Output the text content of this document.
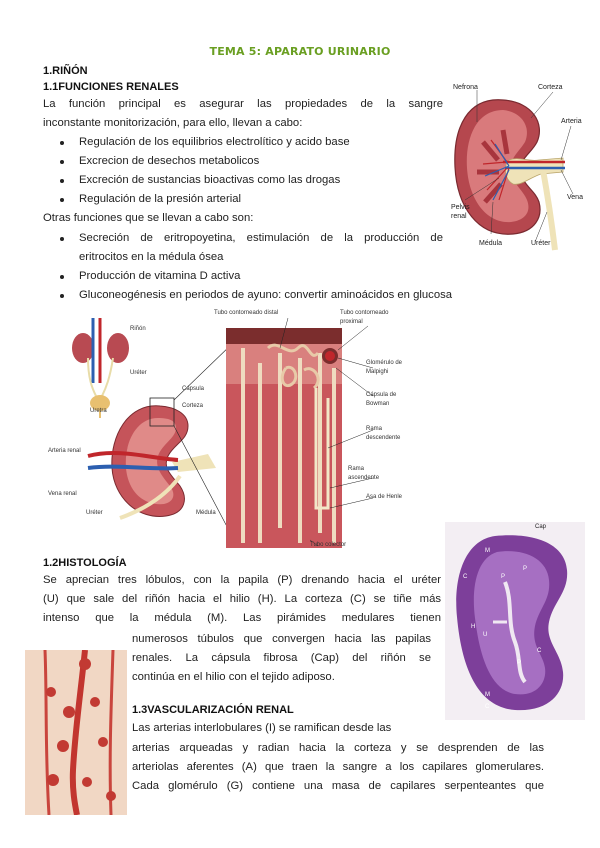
TEMA 5: APARATO URINARIO
1.RIÑÓN
1.1FUNCIONES RENALES
La función principal es asegurar las propiedades de la sangre
inconstante monitorización, para ello, llevan a cabo:
Regulación de los equilibrios electrolítico y acido base
Excrecion de desechos metabolicos
Excreción de sustancias bioactivas como las drogas
Regulación de la presión arterial
Otras funciones que se llevan a cabo son:
Secreción de eritropoyetina, estimulación de la producción de
eritrocitos en la médula ósea
Producción de vitamina D activa
Gluconeogénesis en periodos de ayuno: convertir aminoácidos en glucosa
Nefrona	Corteza
Arteria
Vena
Pelvis
renal
Médula	Uréter
Riñón
Uréter
Uretra
Arteria renal
Vena renal
Uréter
Cápsula
Corteza
Médula
Tubo contorneado distal	Tubo contorneado
proximal
Glomérulo de
Malpighi
Cápsula de
Bowman
Rama
descendente
Rama
ascendente
Asa de Henle
Tubo colector
Cap
M
C	P
P
H
U
P
C
M
C
1.2HISTOLOGÍA
Se aprecian tres lóbulos, con la papila (P) drenando hacia el uréter
(U) que sale del riñón hacia el hilio (H). La corteza (C) se tiñe más
intenso que la médula (M). Las pirámides medulares tienen
numerosos túbulos que convergen hacia las papilas
renales. La cápsula fibrosa (Cap) del riñón se
continúa en el hilio con el tejido adiposo.
1.3VASCULARIZACIÓN RENAL
Las arterias interlobulares (I) se ramifican desde las
arterias arqueadas y radian hacia la corteza y se desprenden de las
arteriolas aferentes (A) que traen la sangre a los capilares glomerulares.
Cada glomérulo (G) contiene una masa de capilares serpenteantes que
